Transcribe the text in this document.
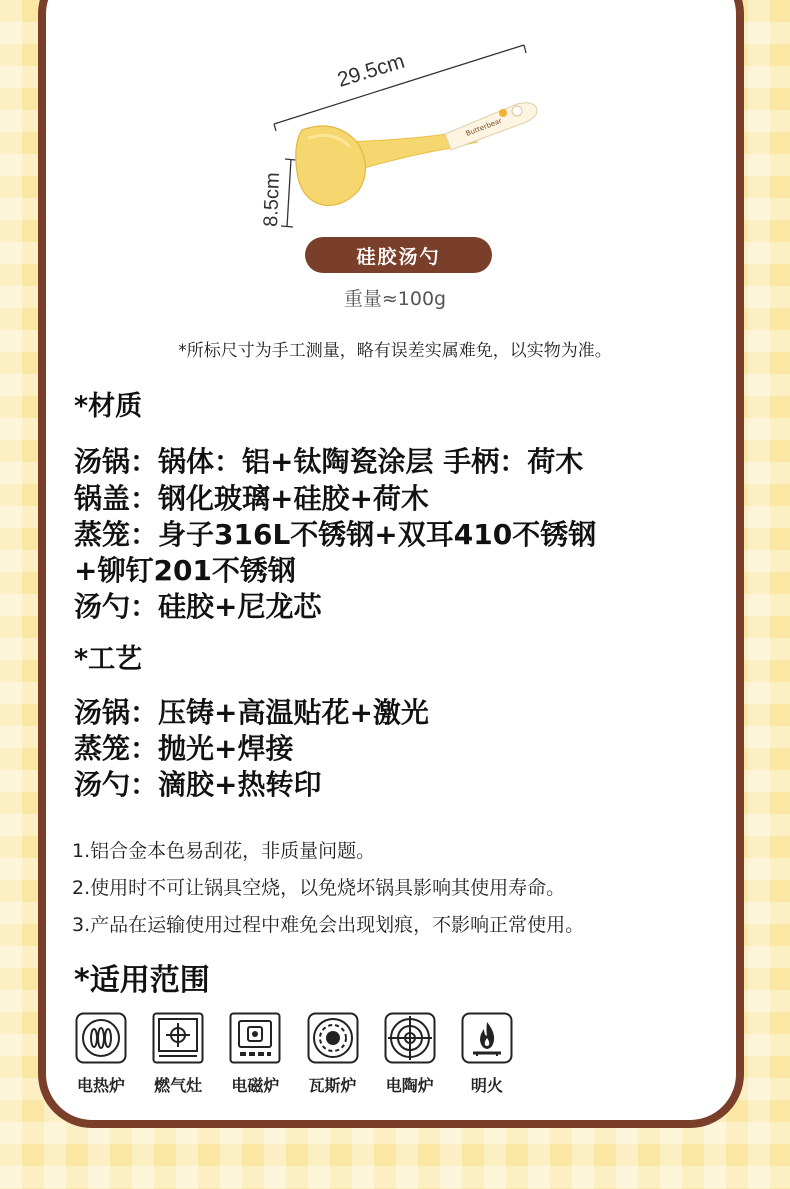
29.5cm
8.5cm
Butterbear
硅胶汤勺
重量≈100g
*所标尺寸为手工测量，略有误差实属难免，以实物为准。
*材质
汤锅：锅体：铝+钛陶瓷涂层 手柄：荷木
锅盖：钢化玻璃+硅胶+荷木
蒸笼：身子316L不锈钢+双耳410不锈钢
+铆钉201不锈钢
汤勺：硅胶+尼龙芯
*工艺
汤锅：压铸+高温贴花+激光
蒸笼：抛光+焊接
汤勺：滴胶+热转印
1.铝合金本色易刮花，非质量问题。
2.使用时不可让锅具空烧，以免烧坏锅具影响其使用寿命。
3.产品在运输使用过程中难免会出现划痕，不影响正常使用。
*适用范围
电热炉 燃气灶 电磁炉 瓦斯炉 电陶炉 明火
